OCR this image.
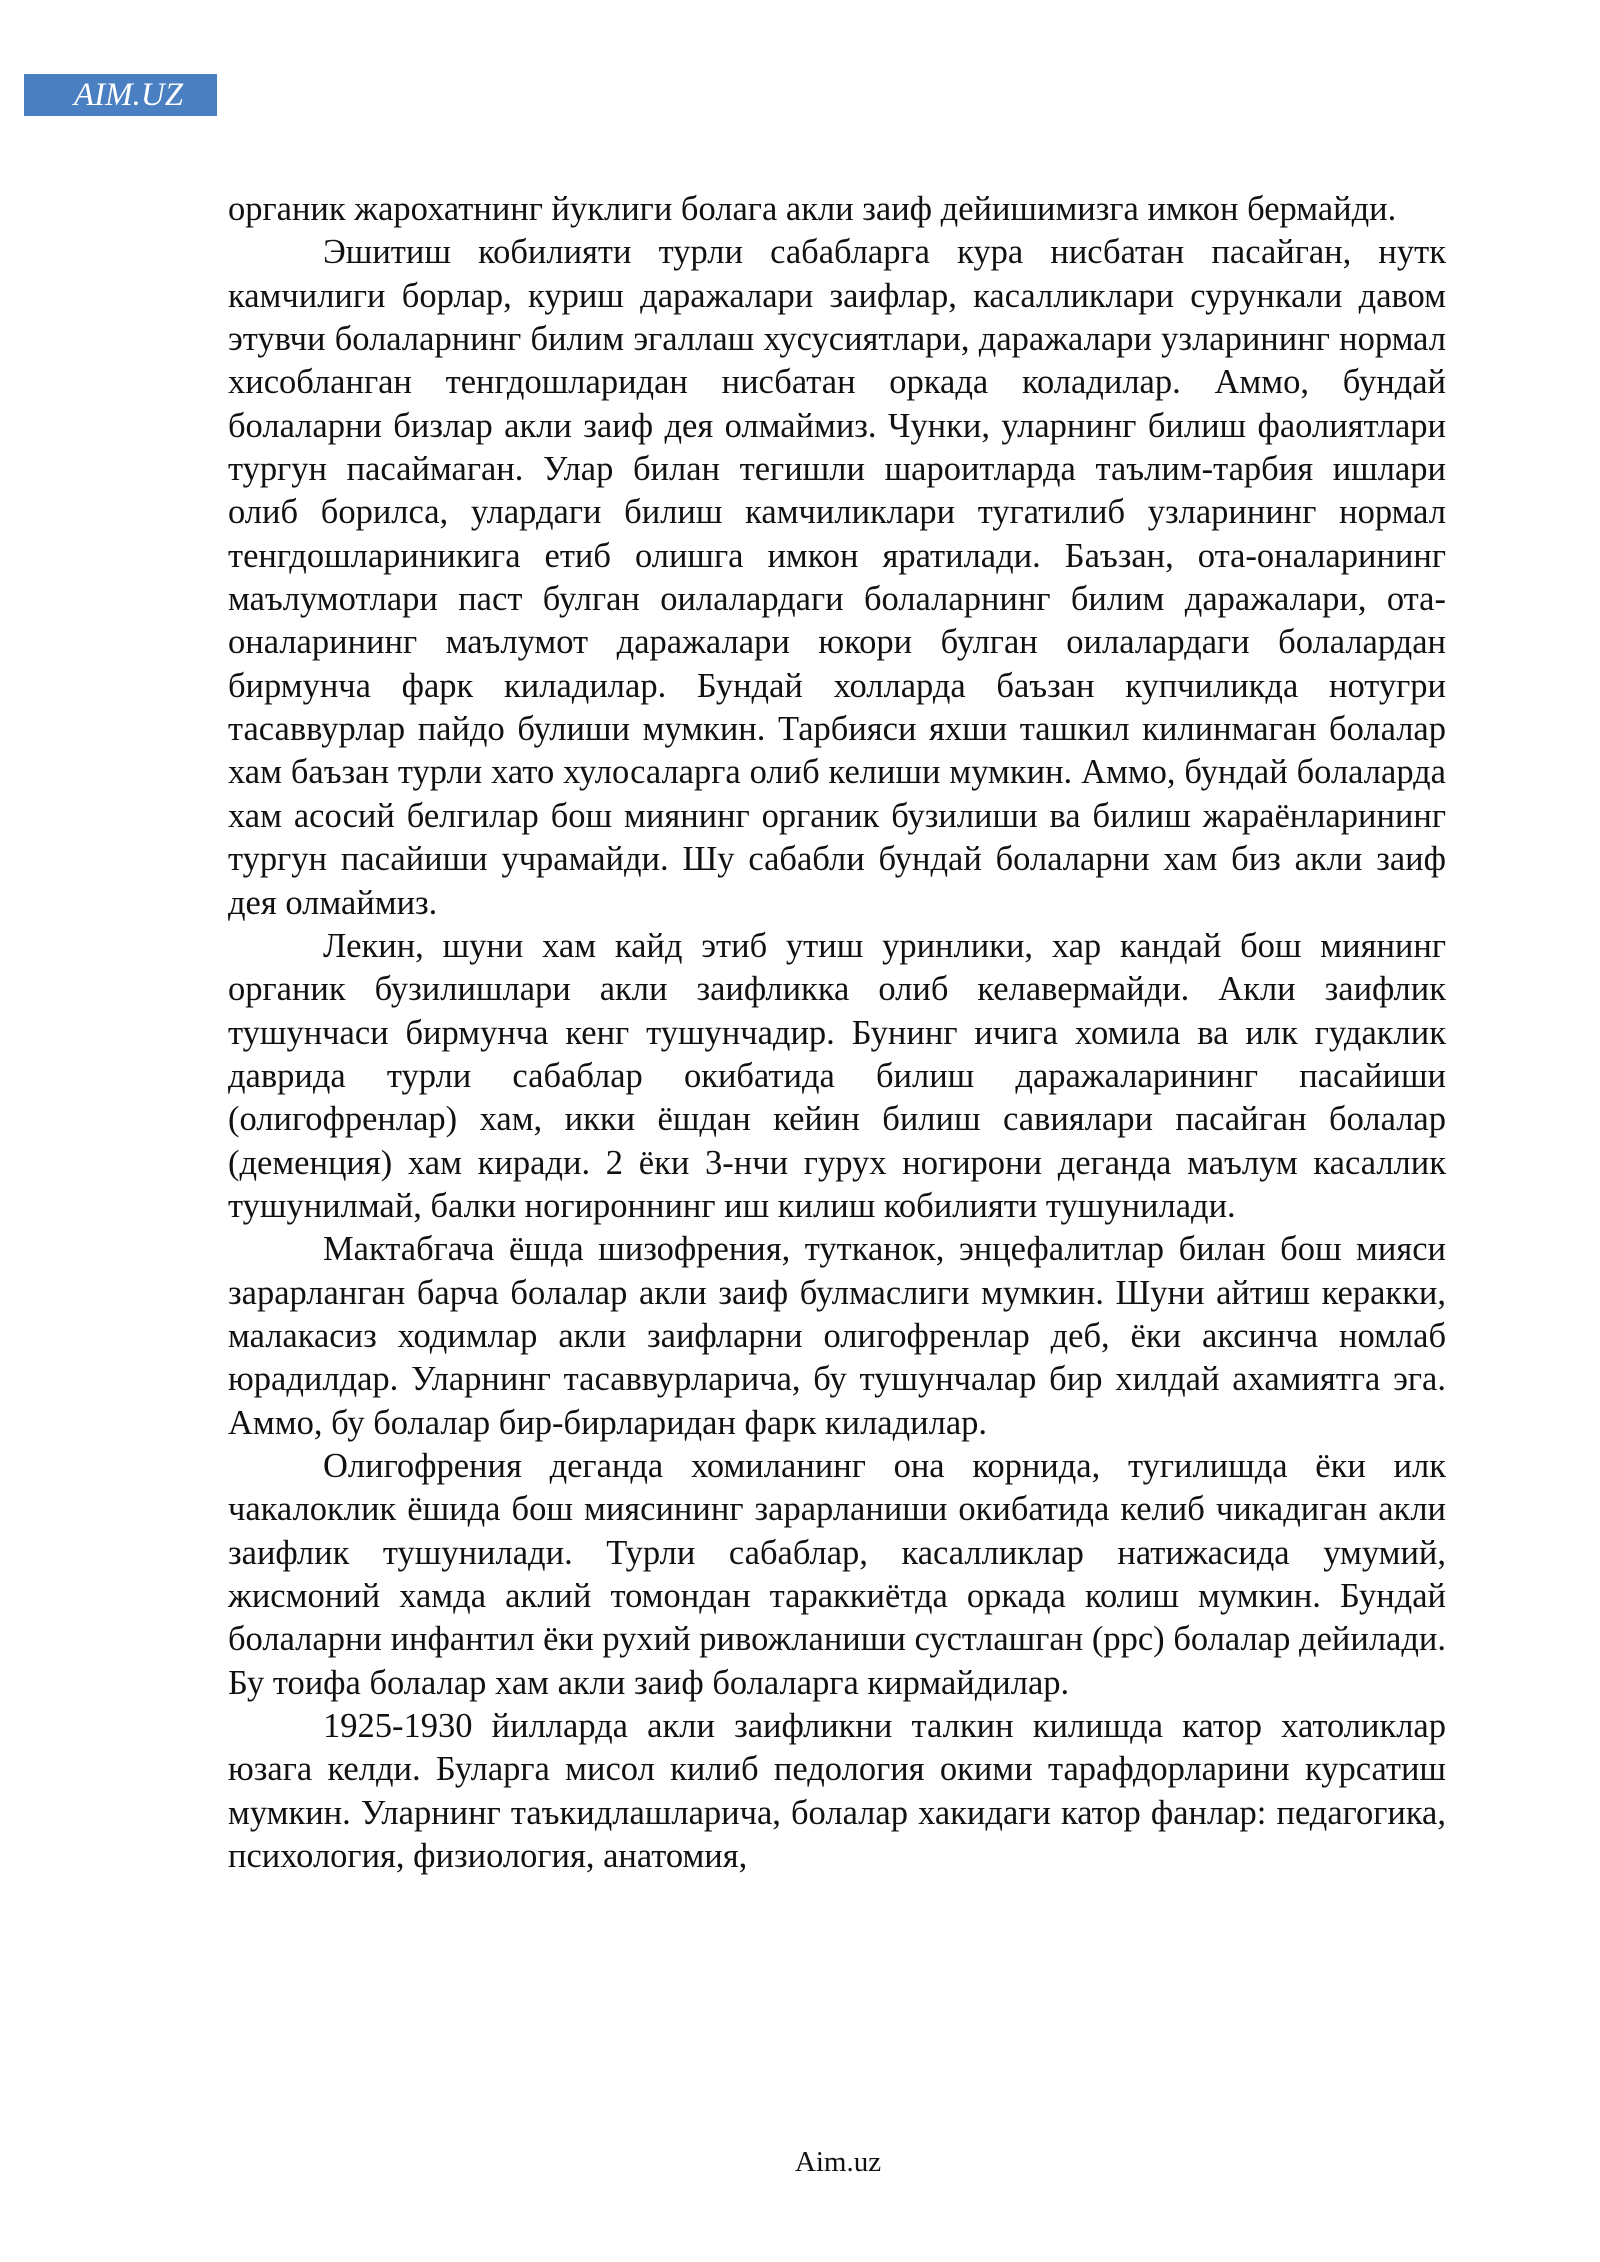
AIM.UZ

органик жарохатнинг йуклиги болага акли заиф дейишимизга имкон бермайди.

Эшитиш кобилияти турли сабабларга кура нисбатан пасайган, нутк камчилиги борлар, куриш даражалари заифлар, касалликлари сурункали давом этувчи болаларнинг билим эгаллаш хусусиятлари, даражалари узларининг нормал хисобланган тенгдошларидан нисбатан оркада коладилар. Аммо, бундай болаларни бизлар акли заиф дея олмаймиз. Чунки, уларнинг билиш фаолиятлари тургун пасаймаган. Улар билан тегишли шароитларда таълим-тарбия ишлари олиб борилса, улардаги билиш камчиликлари тугатилиб узларининг нормал тенгдошлариникига етиб олишга имкон яратилади. Баъзан, ота-оналарининг маълумотлари паст булган оилалардаги болаларнинг билим даражалари, ота-оналарининг маълумот даражалари юкори булган оилалардаги болалардан бирмунча фарк киладилар. Бундай холларда баъзан купчиликда нотугри тасаввурлар пайдо булиши мумкин. Тарбияси яхши ташкил килинмаган болалар хам баъзан турли хато хулосаларга олиб келиши мумкин. Аммо, бундай болаларда хам асосий белгилар бош миянинг органик бузилиши ва билиш жараёнларининг тургун пасайиши учрамайди. Шу сабабли бундай болаларни хам биз акли заиф дея олмаймиз.

Лекин, шуни хам кайд этиб утиш уринлики, хар кандай бош миянинг органик бузилишлари акли заифликка олиб келавермайди. Акли заифлик тушунчаси бирмунча кенг тушунчадир. Бунинг ичига хомила ва илк гудаклик даврида турли сабаблар окибатида билиш даражаларининг пасайиши (олигофренлар) хам, икки ёшдан кейин билиш савиялари пасайган болалар (деменция) хам киради. 2 ёки 3-нчи гурух ногирони деганда маълум касаллик тушунилмай, балки ногироннинг иш килиш кобилияти тушунилади.

Мактабгача ёшда шизофрения, тутканок, энцефалитлар билан бош мияси зарарланган барча болалар акли заиф булмаслиги мумкин. Шуни айтиш керакки, малакасиз ходимлар акли заифларни олигофренлар деб, ёки аксинча номлаб юрадилдар. Уларнинг тасаввурларича, бу тушунчалар бир хилдай ахамиятга эга. Аммо, бу болалар бир-бирларидан фарк киладилар.

Олигофрения деганда хомиланинг она корнида, тугилишда ёки илк чакалоклик ёшида бош миясининг зарарланиши окибатида келиб чикадиган акли заифлик тушунилади. Турли сабаблар, касалликлар натижасида умумий, жисмоний хамда аклий томондан тараккиётда оркада колиш мумкин. Бундай болаларни инфантил ёки рухий ривожланиши сустлашган (ррс) болалар дейилади. Бу тоифа болалар хам акли заиф болаларга кирмайдилар.

1925-1930 йилларда акли заифликни талкин килишда катор хатоликлар юзага келди. Буларга мисол килиб педология окими тарафдорларини курсатиш мумкин. Уларнинг таъкидлашларича, болалар хакидаги катор фанлар: педагогика, психология, физиология, анатомия,

Aim.uz
